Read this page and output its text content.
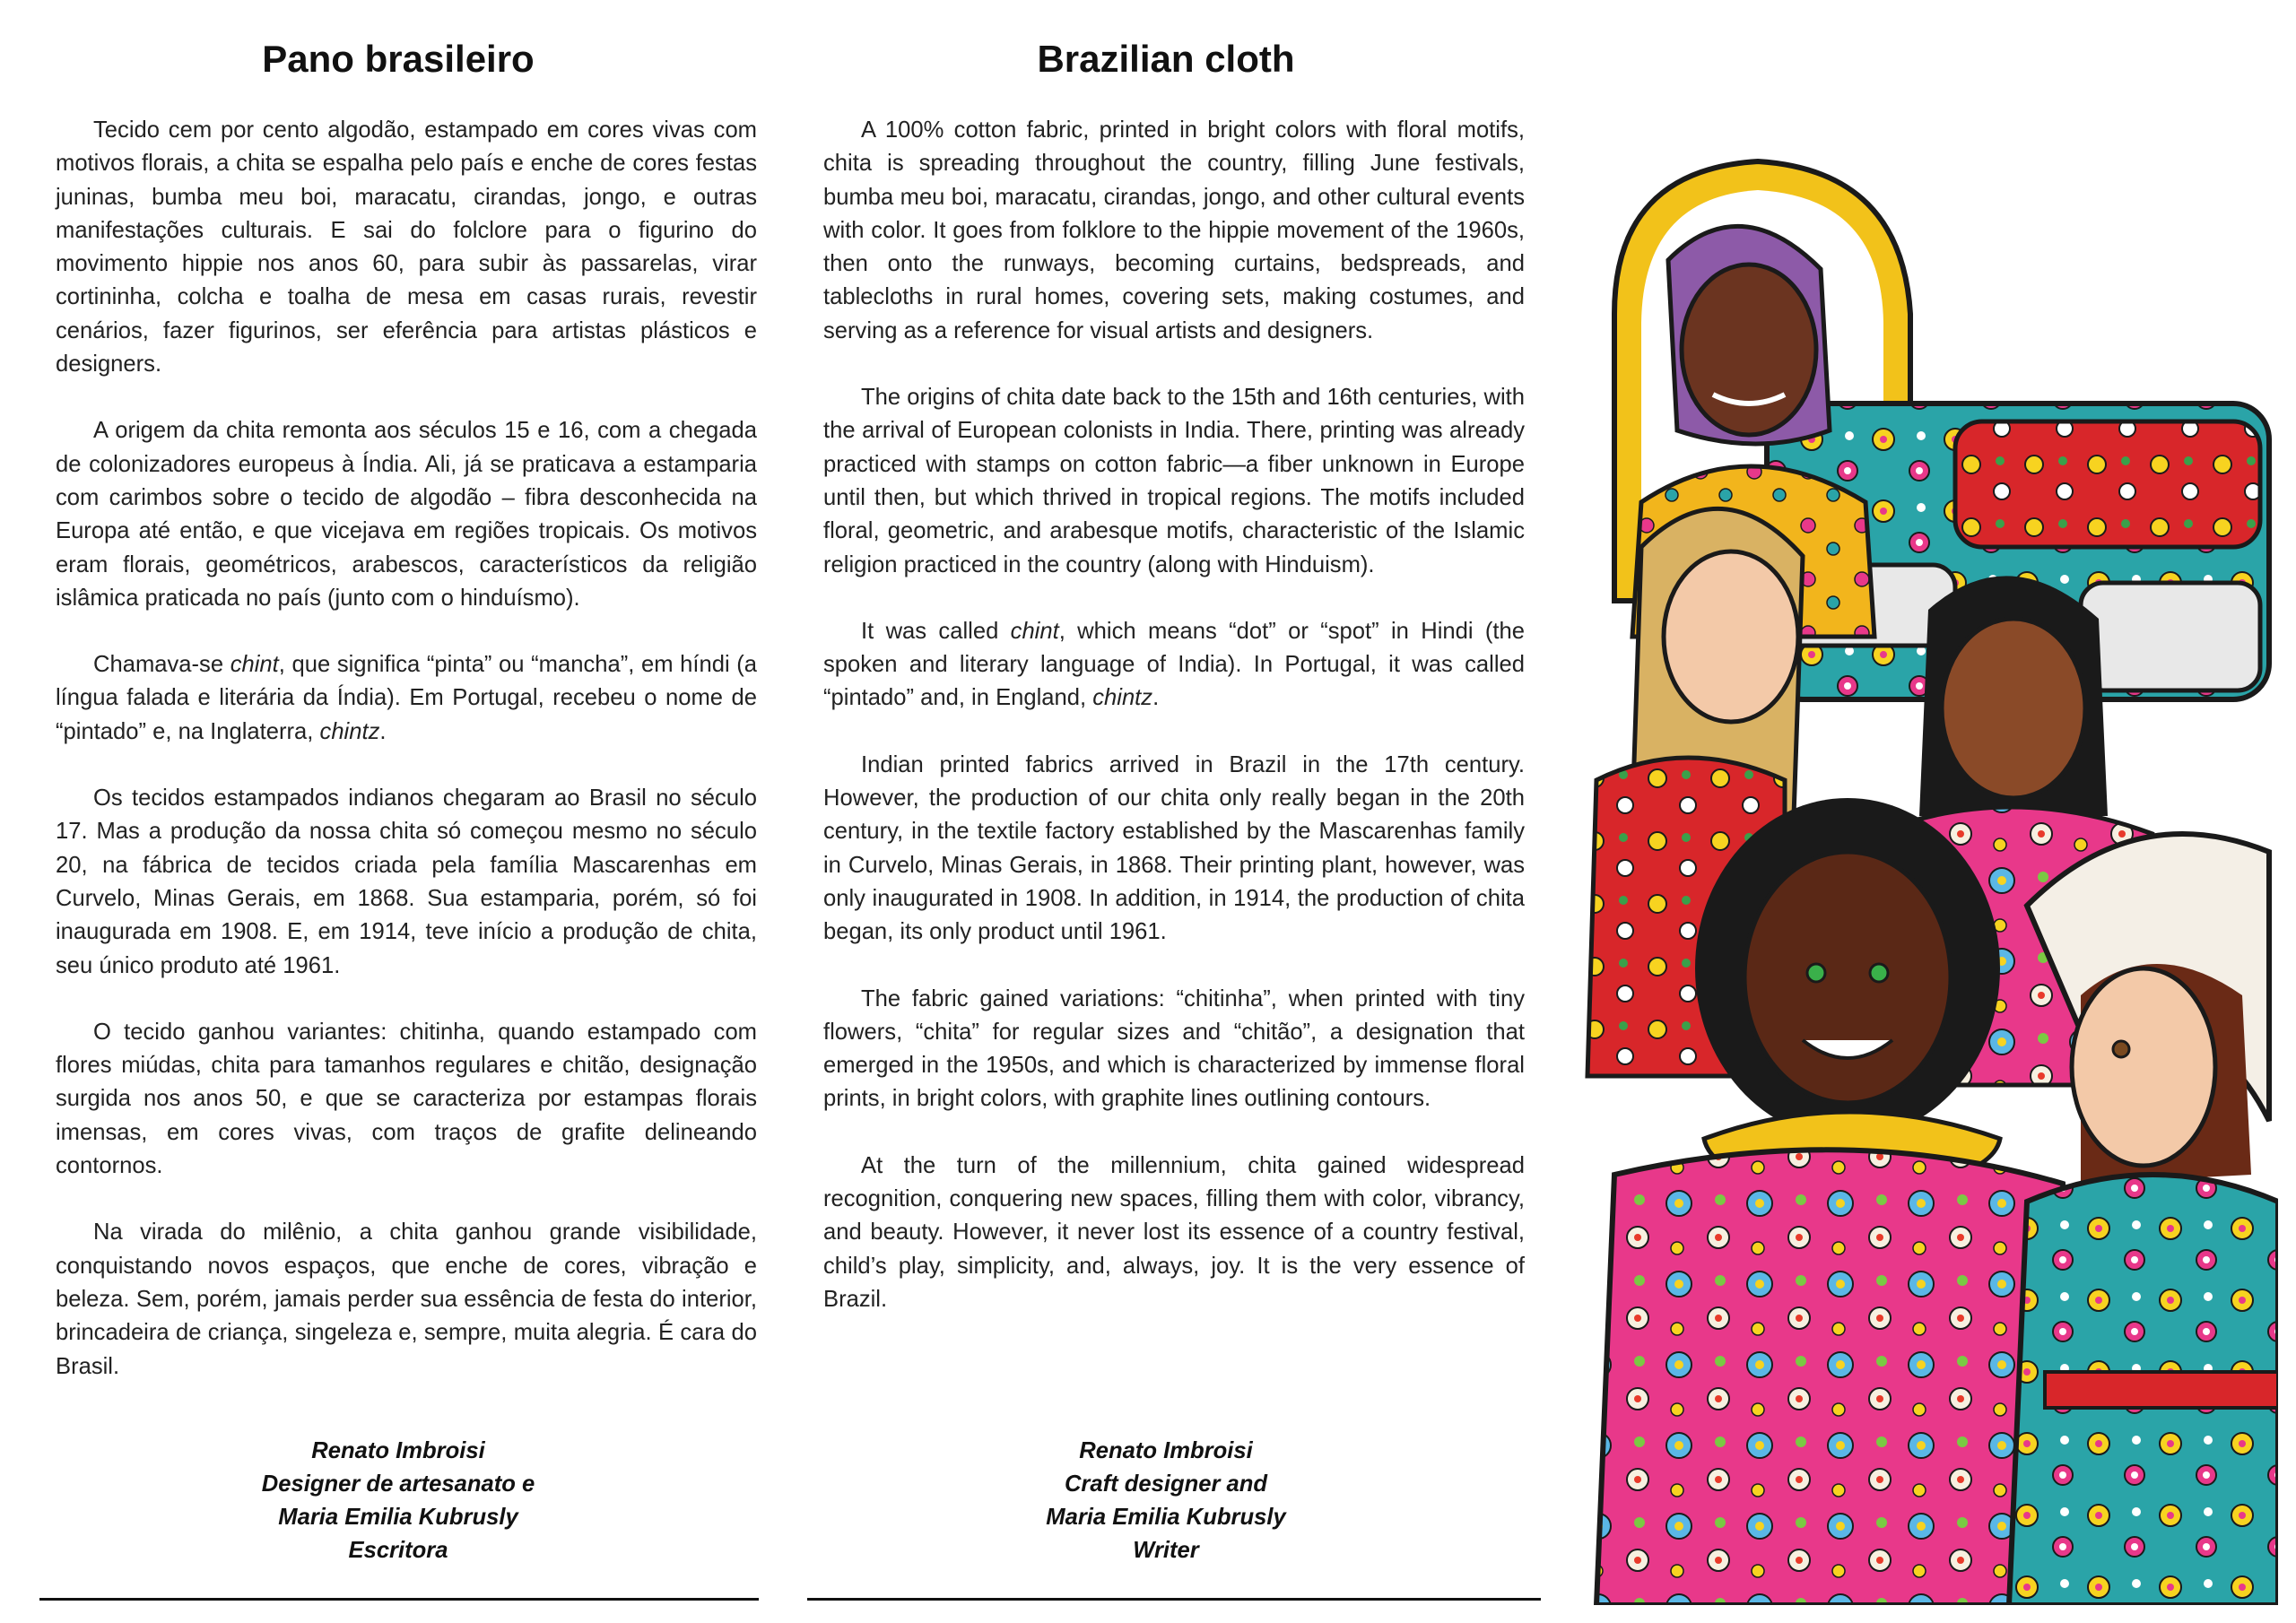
Pano brasileiro

Tecido cem por cento algodão, estampado em cores vivas com motivos florais, a chita se espalha pelo país e enche de cores festas juninas, bumba meu boi, maracatu, cirandas, jongo, e outras manifestações culturais. E sai do folclore para o figurino do movimento hippie nos anos 60, para subir às passarelas, virar cortininha, colcha e toalha de mesa em casas rurais, revestir cenários, fazer figurinos, ser eferência para artistas plásticos e designers.

A origem da chita remonta aos séculos 15 e 16, com a chegada de colonizadores europeus à Índia. Ali, já se praticava a estamparia com carimbos sobre o tecido de algodão – fibra desconhecida na Europa até então, e que vicejava em regiões tropicais. Os motivos eram florais, geométricos, arabescos, característicos da religião islâmica praticada no país (junto com o hinduísmo).

Chamava-se chint, que significa “pinta” ou “mancha”, em híndi (a língua falada e literária da Índia). Em Portugal, recebeu o nome de “pintado” e, na Inglaterra, chintz.

Os tecidos estampados indianos chegaram ao Brasil no século 17. Mas a produção da nossa chita só começou mesmo no século 20, na fábrica de tecidos criada pela família Mascarenhas em Curvelo, Minas Gerais, em 1868. Sua estamparia, porém, só foi inaugurada em 1908. E, em 1914, teve início a produção de chita, seu único produto até 1961.

O tecido ganhou variantes: chitinha, quando estampado com flores miúdas, chita para tamanhos regulares e chitão, designação surgida nos anos 50, e que se caracteriza por estampas florais imensas, em cores vivas, com traços de grafite delineando contornos.

Na virada do milênio, a chita ganhou grande visibilidade, conquistando novos espaços, que enche de cores, vibração e beleza. Sem, porém, jamais perder sua essência de festa do interior, brincadeira de criança, singeleza e, sempre, muita alegria. É cara do Brasil.

Renato Imbroisi
Designer de artesanato e
Maria Emilia Kubrusly
Escritora
Brazilian cloth

A 100% cotton fabric, printed in bright colors with floral motifs, chita is spreading throughout the country, filling June festivals, bumba meu boi, maracatu, cirandas, jongo, and other cultural events with color. It goes from folklore to the hippie movement of the 1960s, then onto the runways, becoming curtains, bedspreads, and tablecloths in rural homes, covering sets, making costumes, and serving as a reference for visual artists and designers.

The origins of chita date back to the 15th and 16th centuries, with the arrival of European colonists in India. There, printing was already practiced with stamps on cotton fabric—a fiber unknown in Europe until then, but which thrived in tropical regions. The motifs included floral, geometric, and arabesque motifs, characteristic of the Islamic religion practiced in the country (along with Hinduism).

It was called chint, which means “dot” or “spot” in Hindi (the spoken and literary language of India). In Portugal, it was called “pintado” and, in England, chintz.

Indian printed fabrics arrived in Brazil in the 17th century. However, the production of our chita only really began in the 20th century, in the textile factory established by the Mascarenhas family in Curvelo, Minas Gerais, in 1868. Their printing plant, however, was only inaugurated in 1908. In addition, in 1914, the production of chita began, its only product until 1961.

The fabric gained variations: “chitinha”, when printed with tiny flowers, “chita” for regular sizes and “chitão”, a designation that emerged in the 1950s, and which is characterized by immense floral prints, in bright colors, with graphite lines outlining contours.

At the turn of the millennium, chita gained widespread recognition, conquering new spaces, filling them with color, vibrancy, and beauty. However, it never lost its essence of a country festival, child’s play, simplicity, and, always, joy. It is the very essence of Brazil.

Renato Imbroisi
Craft designer and
Maria Emilia Kubrusly
Writer
